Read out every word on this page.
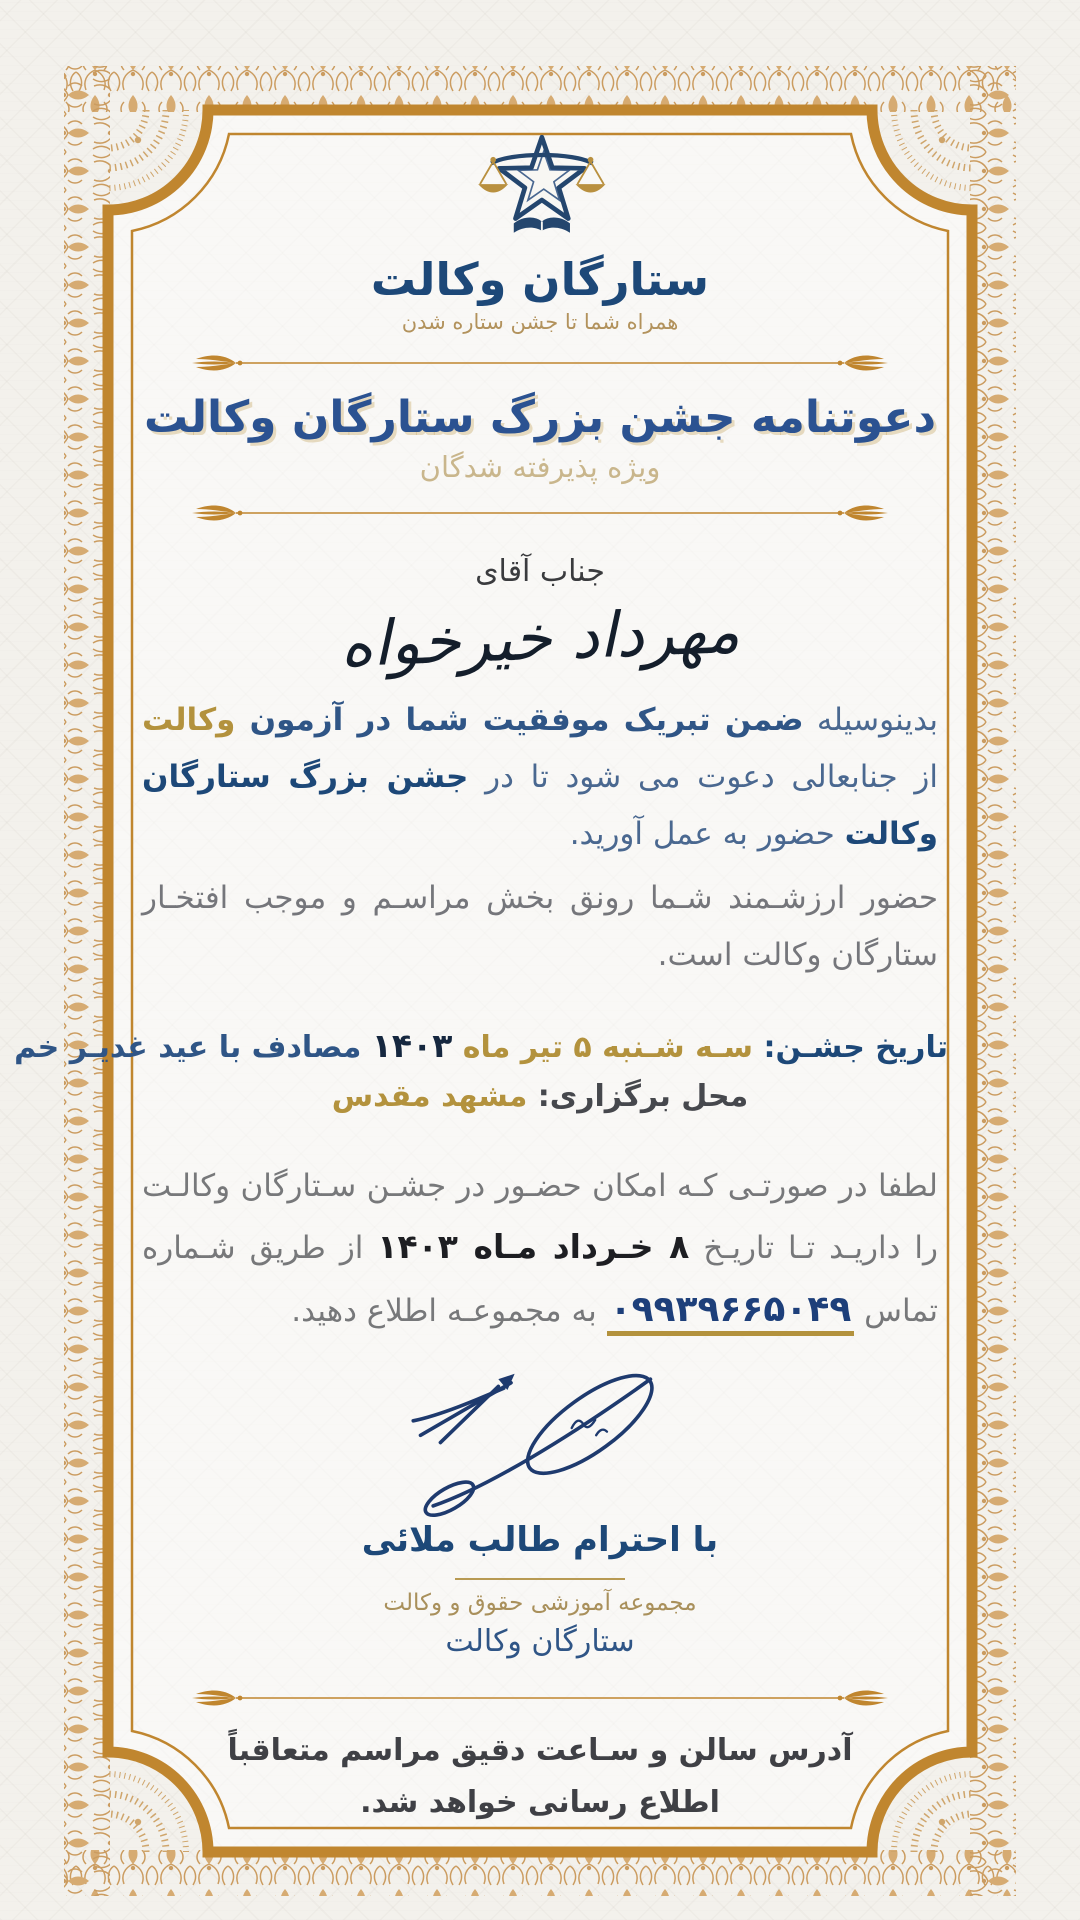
ستارگان وکالت
همراه شما تا جشن ستاره شدن
دعوتنامه جشن بزرگ ستارگان وکالت
ویژه پذیرفته شدگان
جناب آقای
مهرداد خیرخواه

بدینوسیله ضمن تبریک موفقیت شما در آزمون وکالت از جنابعالی دعوت می شود تا در جشن بزرگ ستارگان وکالت حضور به عمل آورید.

حضور ارزشـمند شـما رونق بخش مراسـم و موجب افتخـار ستارگان وکالت است.

تاریخ جشـن: سـه شـنبه ۵ تیر ماه ۱۴۰۳ مصادف با عید غدیـر خم
محل برگزاری: مشهد مقدس

لطفا در صورتـی کـه امکان حضـور در جشـن سـتارگان وکالـت را داریـد تـا تاریـخ ۸ خـرداد مـاه ۱۴۰۳ از طریق شـماره تماس ۰۹۹۳۹۶۶۵۰۴۹ به مجموعـه اطلاع دهید.

با احترام طالب ملائی
مجموعه آموزشی حقوق و وکالت
ستارگان وکالت
آدرس سالن و سـاعت دقیق مراسم متعاقباً
اطلاع رسانی خواهد شد.
